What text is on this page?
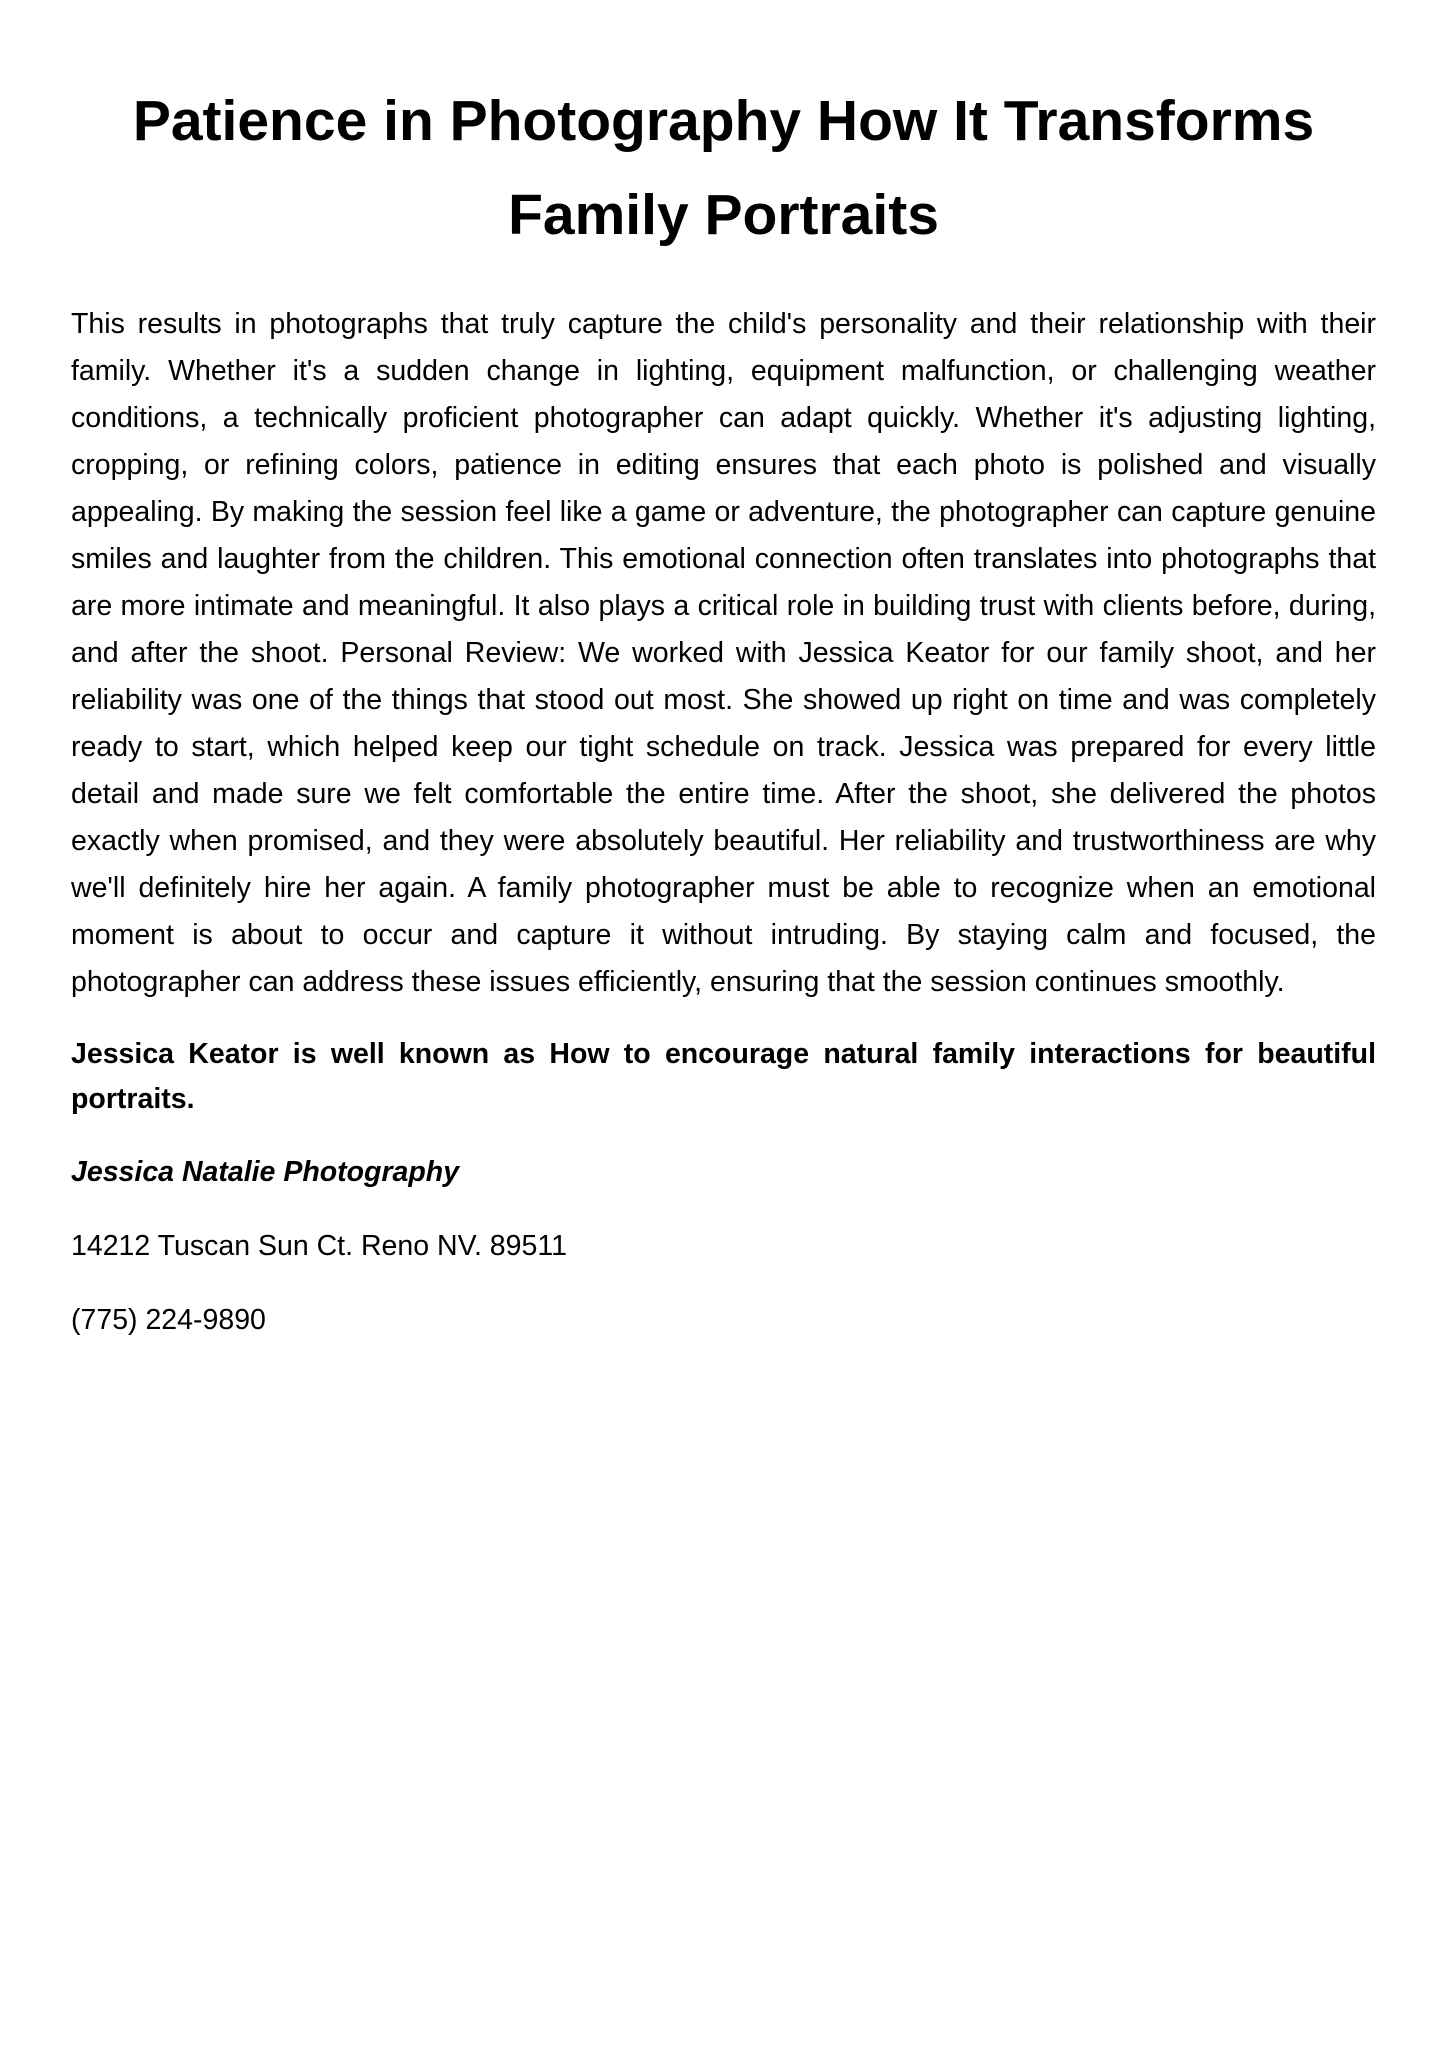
Patience in Photography How It Transforms Family Portraits

This results in photographs that truly capture the child's personality and their relationship with their family. Whether it's a sudden change in lighting, equipment malfunction, or challenging weather conditions, a technically proficient photographer can adapt quickly. Whether it's adjusting lighting, cropping, or refining colors, patience in editing ensures that each photo is polished and visually appealing. By making the session feel like a game or adventure, the photographer can capture genuine smiles and laughter from the children. This emotional connection often translates into photographs that are more intimate and meaningful. It also plays a critical role in building trust with clients before, during, and after the shoot. Personal Review: We worked with Jessica Keator for our family shoot, and her reliability was one of the things that stood out most. She showed up right on time and was completely ready to start, which helped keep our tight schedule on track. Jessica was prepared for every little detail and made sure we felt comfortable the entire time. After the shoot, she delivered the photos exactly when promised, and they were absolutely beautiful. Her reliability and trustworthiness are why we'll definitely hire her again. A family photographer must be able to recognize when an emotional moment is about to occur and capture it without intruding. By staying calm and focused, the photographer can address these issues efficiently, ensuring that the session continues smoothly.

Jessica Keator is well known as How to encourage natural family interactions for beautiful portraits.

Jessica Natalie Photography

14212 Tuscan Sun Ct. Reno NV. 89511

(775) 224-9890
